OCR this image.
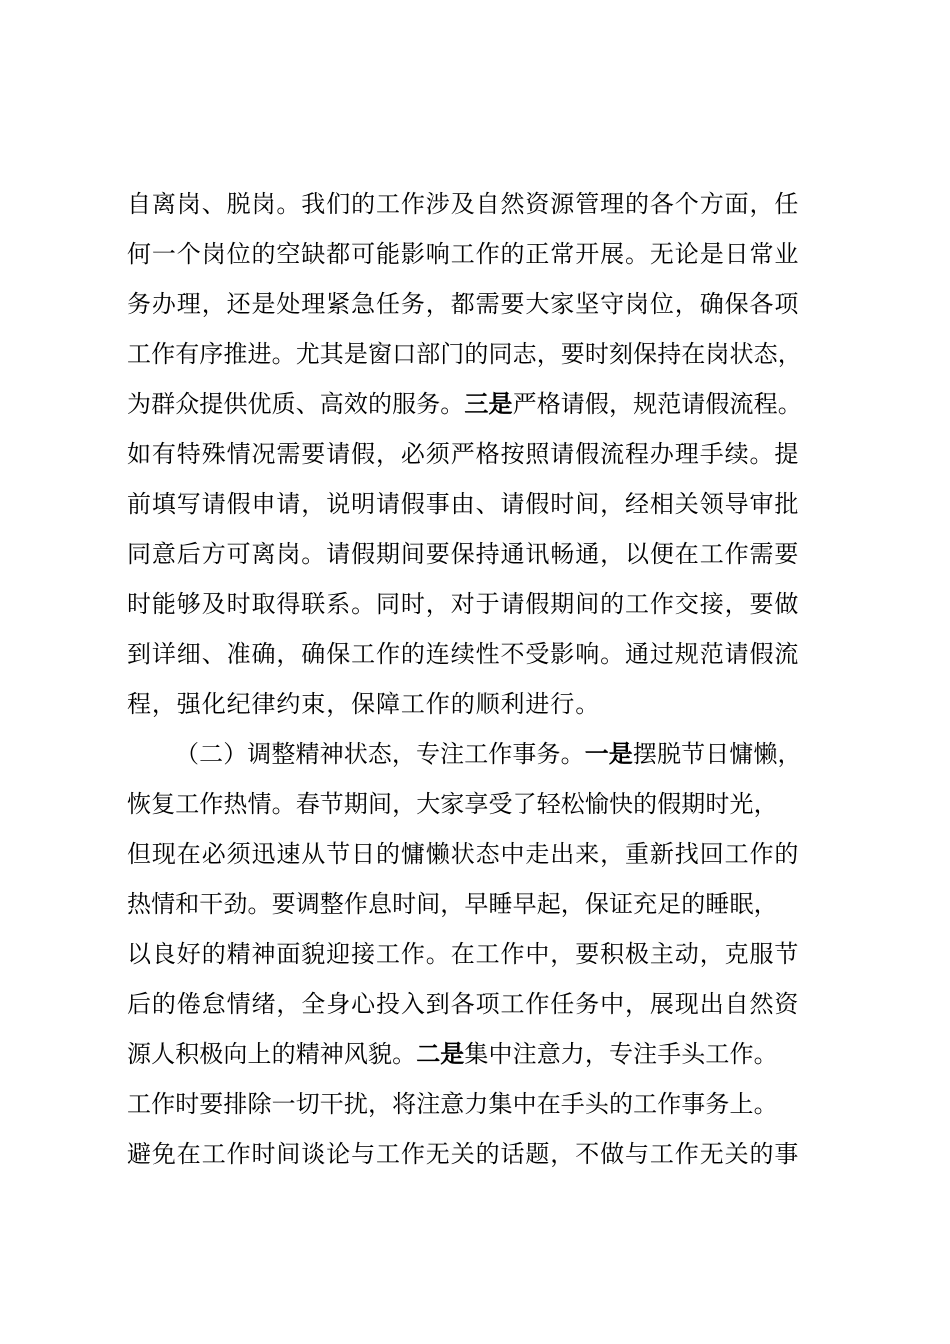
自离岗、脱岗。我们的工作涉及自然资源管理的各个方面，任
何一个岗位的空缺都可能影响工作的正常开展。无论是日常业
务办理，还是处理紧急任务，都需要大家坚守岗位，确保各项
工作有序推进。尤其是窗口部门的同志，要时刻保持在岗状态，
为群众提供优质、高效的服务。三是严格请假，规范请假流程。
如有特殊情况需要请假，必须严格按照请假流程办理手续。提
前填写请假申请，说明请假事由、请假时间，经相关领导审批
同意后方可离岗。请假期间要保持通讯畅通，以便在工作需要
时能够及时取得联系。同时，对于请假期间的工作交接，要做
到详细、准确，确保工作的连续性不受影响。通过规范请假流
程，强化纪律约束，保障工作的顺利进行。
（二）调整精神状态，专注工作事务。一是摆脱节日慵懒，
恢复工作热情。春节期间，大家享受了轻松愉快的假期时光，
但现在必须迅速从节日的慵懒状态中走出来，重新找回工作的
热情和干劲。要调整作息时间，早睡早起，保证充足的睡眠，
以良好的精神面貌迎接工作。在工作中，要积极主动，克服节
后的倦怠情绪，全身心投入到各项工作任务中，展现出自然资
源人积极向上的精神风貌。二是集中注意力，专注手头工作。
工作时要排除一切干扰，将注意力集中在手头的工作事务上。
避免在工作时间谈论与工作无关的话题，不做与工作无关的事
